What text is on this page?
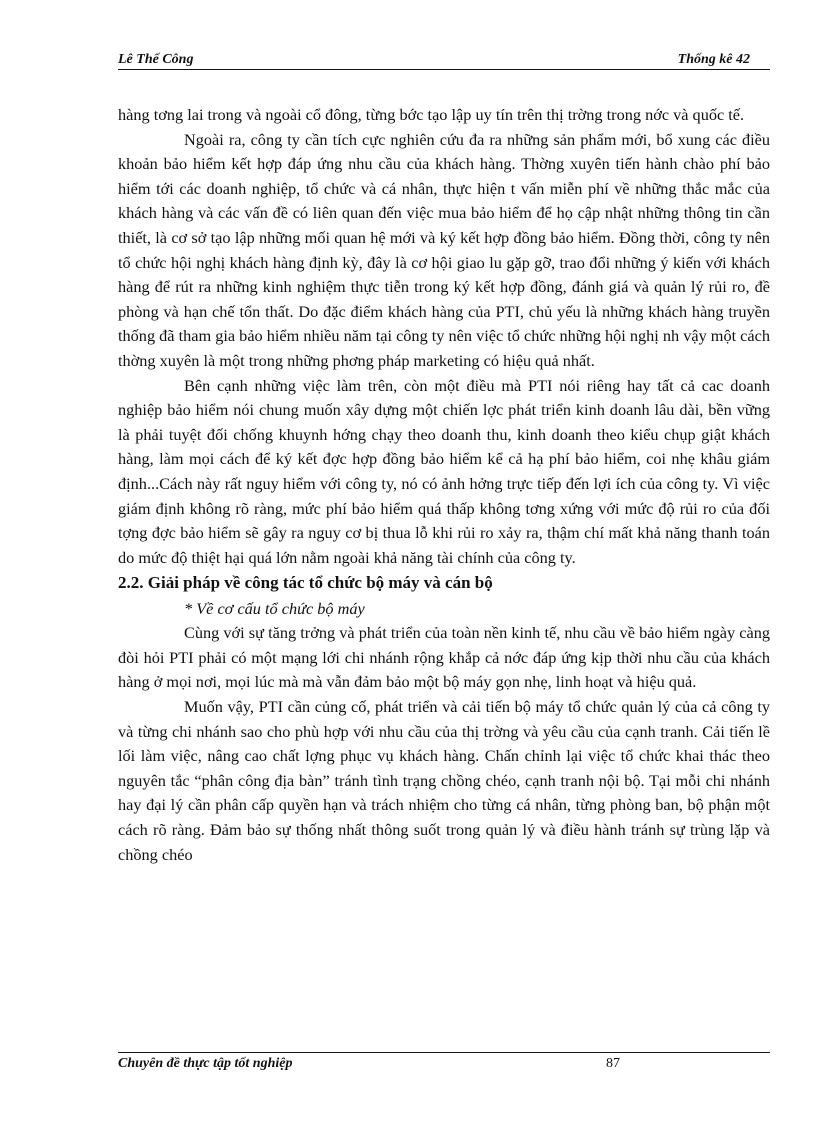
Lê Thế Công	Thống kê 42

hàng tơng lai trong và ngoài cổ đông, từng bớc tạo lập uy tín trên thị trờng trong nớc và quốc tế.

Ngoài ra, công ty cần tích cực nghiên cứu đa ra những sản phẩm mới, bổ xung các điều khoản bảo hiểm kết hợp đáp ứng nhu cầu của khách hàng. Thờng xuyên tiến hành chào phí bảo hiểm tới các doanh nghiệp, tổ chức và cá nhân, thực hiện t vấn miễn phí về những thắc mắc của khách hàng và các vấn đề có liên quan đến việc mua bảo hiểm để họ cập nhật những thông tin cần thiết, là cơ sở tạo lập những mối quan hệ mới và ký kết hợp đồng bảo hiểm. Đồng thời, công ty nên tổ chức hội nghị khách hàng định kỳ, đây là cơ hội giao lu gặp gỡ, trao đổi những ý kiến với khách hàng để rút ra những kinh nghiệm thực tiễn trong ký kết hợp đồng, đánh giá và quản lý rủi ro, đề phòng và hạn chế tổn thất. Do đặc điểm khách hàng của PTI, chủ yếu là những khách hàng truyền thống đã tham gia bảo hiểm nhiều năm tại công ty nên việc tổ chức những hội nghị nh vậy một cách thờng xuyên là một trong những phơng pháp marketing có hiệu quả nhất.

Bên cạnh những việc làm trên, còn một điều mà PTI nói riêng hay tất cả cac doanh nghiệp bảo hiểm nói chung muốn xây dựng một chiến lợc phát triển kinh doanh lâu dài, bền vững là phải tuyệt đối chống khuynh hớng chạy theo doanh thu, kinh doanh theo kiểu chụp giật khách hàng, làm mọi cách để ký kết đợc hợp đồng bảo hiểm kể cả hạ phí bảo hiểm, coi nhẹ khâu giám định...Cách này rất nguy hiểm với công ty, nó có ảnh hởng trực tiếp đến lợi ích của công ty. Vì việc giám định không rõ ràng, mức phí bảo hiểm quá thấp không tơng xứng với mức độ rủi ro của đối tợng đợc bảo hiểm sẽ gây ra nguy cơ bị thua lỗ khi rủi ro xảy ra, thậm chí mất khả năng thanh toán do mức độ thiệt hại quá lớn nằm ngoài khả năng tài chính của công ty.

2.2. Giải pháp về công tác tổ chức bộ máy và cán bộ

* Về cơ cấu tổ chức bộ máy

Cùng với sự tăng trởng và phát triển của toàn nền kinh tế, nhu cầu về bảo hiểm ngày càng đòi hỏi PTI phải có một mạng lới chi nhánh rộng khắp cả nớc đáp ứng kịp thời nhu cầu của khách hàng ở mọi nơi, mọi lúc mà mà vẫn đảm bảo một bộ máy gọn nhẹ, linh hoạt và hiệu quả.

Muốn vậy, PTI cần củng cố, phát triển và cải tiến bộ máy tổ chức quản lý của cả công ty và từng chi nhánh sao cho phù hợp với nhu cầu của thị trờng và yêu cầu của cạnh tranh. Cải tiến lề lối làm việc, nâng cao chất lợng phục vụ khách hàng. Chấn chỉnh lại việc tổ chức khai thác theo nguyên tắc “phân công địa bàn” tránh tình trạng chồng chéo, cạnh tranh nội bộ. Tại mỗi chi nhánh hay đại lý cần phân cấp quyền hạn và trách nhiệm cho từng cá nhân, từng phòng ban, bộ phận một cách rõ ràng. Đảm bảo sự thống nhất thông suốt trong quản lý và điều hành tránh sự trùng lặp và chồng chéo

Chuyên đề thực tập tốt nghiệp	87
